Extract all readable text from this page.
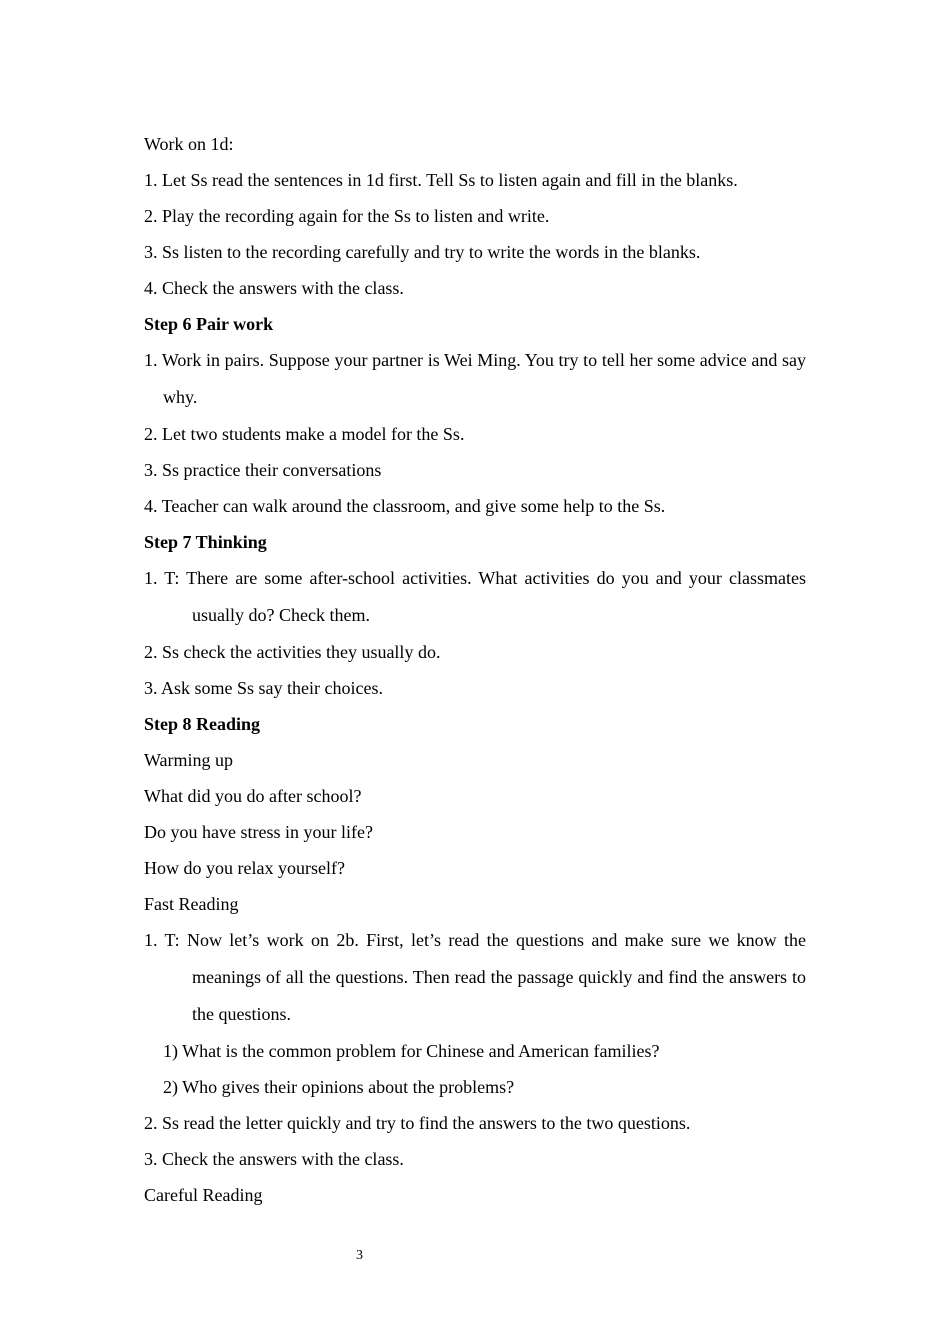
Work on 1d:
1. Let Ss read the sentences in 1d first. Tell Ss to listen again and fill in the blanks.
2. Play the recording again for the Ss to listen and write.
3. Ss listen to the recording carefully and try to write the words in the blanks.
4. Check the answers with the class.
Step 6 Pair work
1. Work in pairs. Suppose your partner is Wei Ming. You try to tell her some advice and say why.
2. Let two students make a model for the Ss.
3. Ss practice their conversations
4. Teacher can walk around the classroom, and give some help to the Ss.
Step 7 Thinking
1. T: There are some after-school activities. What activities do you and your classmates usually do? Check them.
2. Ss check the activities they usually do.
3. Ask some Ss say their choices.
Step 8 Reading
Warming up
What did you do after school?
Do you have stress in your life?
How do you relax yourself?
Fast Reading
1. T: Now let’s work on 2b. First, let’s read the questions and make sure we know the meanings of all the questions. Then read the passage quickly and find the answers to the questions.
1) What is the common problem for Chinese and American families?
2) Who gives their opinions about the problems?
2. Ss read the letter quickly and try to find the answers to the two questions.
3. Check the answers with the class.
Careful Reading
3
